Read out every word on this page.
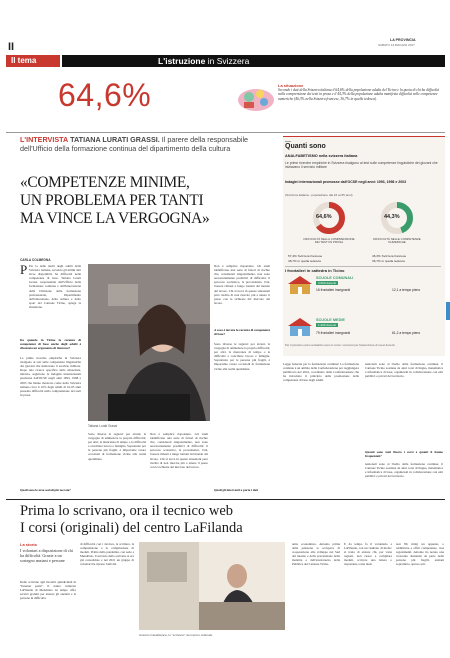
II
LA PROVINCIA
SABATO 13 MAGGIO 2017
Il tema	L'istruzione in Svizzera
64,6%	La situazione
Secondo i dati della Svizzera italiana il 64,6% della popolazione adulta del Ticino e la quota di chi ha difficoltà nella comprensione dei testi in prosa e il 44,3% della popolazione adulta manifesta difficoltà nelle competenze numeriche (46,3% nella Svizzera francese, 36,7% in quella tedesca).
L'INTERVISTA TATIANA LURATI GRASSI. Il parere della responsabile dell'Ufficio della formazione continua del dipartimento della cultura
«COMPETENZE MINIME,
UN PROBLEMA PER TANTI
MA VINCE LA VERGOGNA»
CARLA COLMEGNA
P Per la delle molti degli adulti della Svizzera italiana, secondo gli ultimi dati Ocse disponibili, ha difficoltà nelle competenze di base. Tatiana Lurati Grassi, responsabile dell'Ufficio della formazione continua e dell'innovazione della Divisione della formazione professionale, Dipartimento dell'educazione, della cultura e dello sport del Cantone Ticino, spiega la situazione.
Da quando in Ticino la carenza di competenze di base anche degli adulti è diventata un argomento di interesse?
Le prime ricerche empiriche in Svizzera risalgono ai test sulle competenze linguistiche dei giovani che iniziavano il servizio militare. Dopo una ricerca specifica sulla situazione, tuttavia, seguirono le indagini internazionali promosse dall'OCSE negli anni 1993, 1998 e 2003 che hanno mostrato come nella Svizzera italiana circa il 16% degli adulti di 16-65 anni presenta difficoltà nella comprensione dei testi in prosa.
Quali sono le aree sociali più toccate?
Tatiana Lurati Grassi
Non è semplice rispondere. Gli studi identificano una serie di fattori di rischio che, considerati singolarmente, non sono necessariamente predittivi di difficoltà: il percorso scolastico, la provenienza, l'età, l'essere rimasti a lungo lontani dal mondo del lavoro. Chi si trova in queste situazioni però rischia di non riuscire più a tenere il passo con le richieste del mercato del lavoro.
A cosa è dovuta la carenza di competenze di base?
Sono diverse le ragioni: per alcuni, la vergogna di ammettere la propria difficoltà; per altri, la mancanza di tempo o la difficoltà a conciliare lavoro e famiglia. Soprattutto per le persone più fragili, è importante creare occasioni di formazione vicine alla realtà quotidiana.
Quali gli interventi a parte i dati
Sono diverse le ragioni: per alcuni, la vergogna di ammettere la propria difficoltà; per altri, la mancanza di tempo o la difficoltà a conciliare lavoro e famiglia. Soprattutto per le persone più fragili, è importante creare occasioni di formazione vicine alla realtà quotidiana.
Non è semplice rispondere. Gli studi identificano una serie di fattori di rischio che, considerati singolarmente, non sono necessariamente predittivi di difficoltà: il percorso scolastico, la provenienza, l'età, l'essere rimasti a lungo lontani dal mondo del lavoro. Chi si trova in queste situazioni però rischia di non riuscire più a tenere il passo con le richieste del mercato del lavoro.
▬▬
Quanti sono
ANALFABETISMO nella svizzera italiana
Le prime ricerche empiriche in Svizzera risalgono ai test sulle competenze linguistiche dei giovani che iniziavano il servizio militare
Indagini internazionali promosse dall'OCSE negli anni: 1993, 1998 e 2003
(Svizzera italiana - popolazione dai 16 ai 65 anni)
64,6%
DIFFICOLTÀ NELLA COMPRENSIONE DEI TESTI IN PROSA
44,3%
DIFFICOLTÀ NELLE COMPETENZE NUMERICHE
57,4% Svizzera francese
48,7% in quella tedesca
46,3% Svizzera francese
36,7% in quella tedesca
I frontalieri in cattedra in Ticino
SCUOLE COMUNALI
3.600 docenti
16 frontalieri insegnanti	12,1 a tempo pieno
SCUOLE MEDIE
1.200 docenti
79 frontalieri insegnanti	61,2 a tempo pieno
Per il prossimo anno scolastico sono in corso i concorsi per l'assunzione di nuovi docenti
Legge federale per la formazione continua! La formazione continua è un ambito della Confederazione per raggiungere pubblicato nel 2016, coordinato dalla Confederazione che ha introdotto il principio della promozione delle competenze di base degli adulti.
nazionali sono al livello della formazione continua, il Cantone Ticino sostiene da anni corsi di lingua, matematica e informatica di base, organizzati in collaborazione con enti pubblici e privati del territorio.
Quanti sono stati finora i corsi e quanti li hanno frequentati?
nazionali sono al livello della formazione continua, il Cantone Ticino sostiene da anni corsi di lingua, matematica e informatica di base, organizzati in collaborazione con enti pubblici e privati del territorio.
Prima lo scrivano, ora il tecnico web
I corsi (originali) del centro LaFilanda
La storia
I volontari a disposizione di chi ha difficoltà. Grazie a un sostegno anziani e persone
Dallo scrivano agli incontri quindicinali di "Internet point". Il centro culturale LaFilanda di Mendrisio da tempo offre servizi gratuiti per aiutare gli anziani e le persone in difficoltà.
di difficoltà con i devices, la scrittura, la comprensione e la compilazione di moduli. Prima della pandemia, con sede a Mendrisio, il servizio dello scrivano si era già consolidato e nel 2021 un gruppo di volontari ha ripreso l'attività.
Antonio Casabianca, lo "scrivano" del centro culturale
anni, economista. Antonio prima della pensione si occupava di cooperazione allo sviluppo nel Sud del mondo e della prevenzione della malattia e dell'arretratezza della Pubblica del Cantone Ticino.
E da tempo fa il volontario a LaFilanda, con un risultato di molto: si tratta di aiutare chi, per varie ragioni, non riesce a compilare moduli, scrivere una lettera o rispondere a una mail.
non 80, mila) un appunto, o addirittura a offrir competenze, cioè regolamenti. Antonio ha notato una crescente domanda da parte delle persone più fragili, anziani soprattutto, spesso soli.
